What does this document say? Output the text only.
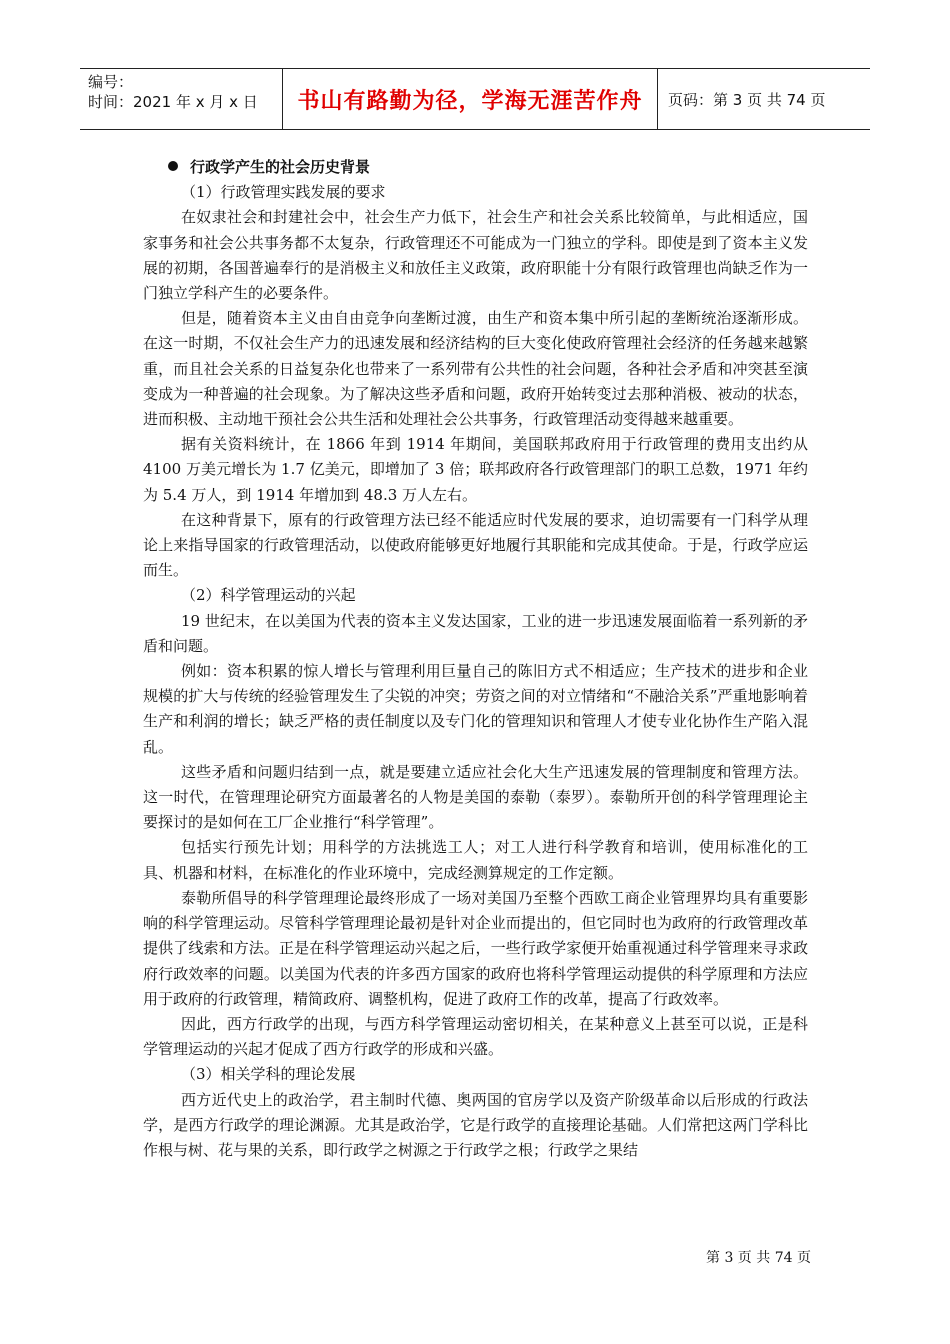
编号：
时间：2021 年 x 月 x 日	书山有路勤为径，学海无涯苦作舟	页码：第 3 页 共 74 页
行政学产生的社会历史背景
（1）行政管理实践发展的要求

在奴隶社会和封建社会中，社会生产力低下，社会生产和社会关系比较简单，与此相适应，国家事务和社会公共事务都不太复杂，行政管理还不可能成为一门独立的学科。即使是到了资本主义发展的初期，各国普遍奉行的是消极主义和放任主义政策，政府职能十分有限行政管理也尚缺乏作为一门独立学科产生的必要条件。

但是，随着资本主义由自由竞争向垄断过渡，由生产和资本集中所引起的垄断统治逐渐形成。在这一时期，不仅社会生产力的迅速发展和经济结构的巨大变化使政府管理社会经济的任务越来越繁重，而且社会关系的日益复杂化也带来了一系列带有公共性的社会问题，各种社会矛盾和冲突甚至演变成为一种普遍的社会现象。为了解决这些矛盾和问题，政府开始转变过去那种消极、被动的状态，进而积极、主动地干预社会公共生活和处理社会公共事务，行政管理活动变得越来越重要。

据有关资料统计，在 1866 年到 1914 年期间，美国联邦政府用于行政管理的费用支出约从 4100 万美元增长为 1.7 亿美元，即增加了 3 倍；联邦政府各行政管理部门的职工总数，1971 年约为 5.4 万人，到 1914 年增加到 48.3 万人左右。

在这种背景下，原有的行政管理方法已经不能适应时代发展的要求，迫切需要有一门科学从理论上来指导国家的行政管理活动，以使政府能够更好地履行其职能和完成其使命。于是，行政学应运而生。

（2）科学管理运动的兴起

19 世纪末，在以美国为代表的资本主义发达国家，工业的进一步迅速发展面临着一系列新的矛盾和问题。

例如：资本积累的惊人增长与管理利用巨量自己的陈旧方式不相适应；生产技术的进步和企业规模的扩大与传统的经验管理发生了尖锐的冲突；劳资之间的对立情绪和“不融洽关系”严重地影响着生产和利润的增长；缺乏严格的责任制度以及专门化的管理知识和管理人才使专业化协作生产陷入混乱。

这些矛盾和问题归结到一点，就是要建立适应社会化大生产迅速发展的管理制度和管理方法。这一时代，在管理理论研究方面最著名的人物是美国的泰勒（泰罗）。泰勒所开创的科学管理理论主要探讨的是如何在工厂企业推行“科学管理”。

包括实行预先计划；用科学的方法挑选工人；对工人进行科学教育和培训，使用标准化的工具、机器和材料，在标准化的作业环境中，完成经测算规定的工作定额。

泰勒所倡导的科学管理理论最终形成了一场对美国乃至整个西欧工商企业管理界均具有重要影响的科学管理运动。尽管科学管理理论最初是针对企业而提出的，但它同时也为政府的行政管理改革提供了线索和方法。正是在科学管理运动兴起之后，一些行政学家便开始重视通过科学管理来寻求政府行政效率的问题。以美国为代表的许多西方国家的政府也将科学管理运动提供的科学原理和方法应用于政府的行政管理，精简政府、调整机构，促进了政府工作的改革，提高了行政效率。

因此，西方行政学的出现，与西方科学管理运动密切相关，在某种意义上甚至可以说，正是科学管理运动的兴起才促成了西方行政学的形成和兴盛。

（3）相关学科的理论发展

西方近代史上的政治学，君主制时代德、奥两国的官房学以及资产阶级革命以后形成的行政法学，是西方行政学的理论渊源。尤其是政治学，它是行政学的直接理论基础。人们常把这两门学科比作根与树、花与果的关系，即行政学之树源之于行政学之根；行政学之果结

第 3 页 共 74 页
